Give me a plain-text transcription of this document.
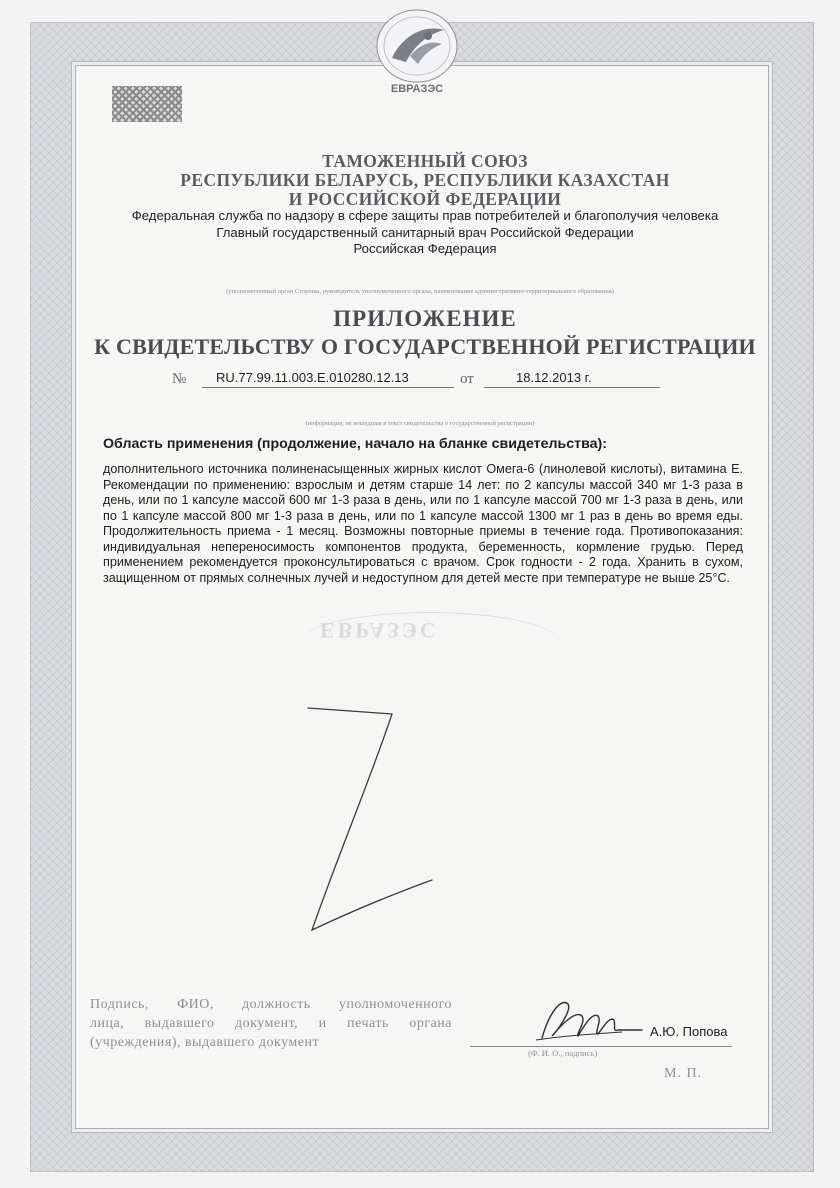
ЕВРАЗЭС
ТАМОЖЕННЫЙ СОЮЗ
РЕСПУБЛИКИ БЕЛАРУСЬ, РЕСПУБЛИКИ КАЗАХСТАН
И РОССИЙСКОЙ ФЕДЕРАЦИИ
Федеральная служба по надзору в сфере защиты прав потребителей и благополучия человека
Главный государственный санитарный врач Российской Федерации
Российская Федерация
(уполномоченный орган Стороны, руководитель уполномоченного органа, наименование административно-территориального образования)
ПРИЛОЖЕНИЕ
К СВИДЕТЕЛЬСТВУ О ГОСУДАРСТВЕННОЙ РЕГИСТРАЦИИ
№ RU.77.99.11.003.E.010280.12.13	от	18.12.2013 г.
(информация, не вошедшая в текст свидетельства о государственной регистрации)
Область применения (продолжение, начало на бланке свидетельства):
дополнительного источника полиненасыщенных жирных кислот Омега-6 (линолевой кислоты), витамина Е. Рекомендации по применению: взрослым и детям старше 14 лет: по 2 капсулы массой 340 мг 1-3 раза в день, или по 1 капсуле массой 600 мг 1-3 раза в день, или по 1 капсуле массой 700 мг 1-3 раза в день, или по 1 капсуле массой 800 мг 1-3 раза в день, или по 1 капсуле массой 1300 мг 1 раз в день во время еды. Продолжительность приема - 1 месяц. Возможны повторные приемы в течение года. Противопоказания: индивидуальная непереносимость компонентов продукта, беременность, кормление грудью. Перед применением рекомендуется проконсультироваться с врачом. Срок годности - 2 года. Хранить в сухом, защищенном от прямых солнечных лучей и недоступном для детей месте при температуре не выше 25°С.
ЕВРАЗЭС
Подпись, ФИО, должность уполномоченного
лица, выдавшего документ, и печать органа
(учреждения), выдавшего документ
А.Ю. Попова
(Ф. И. О., подпись)
М. П.
